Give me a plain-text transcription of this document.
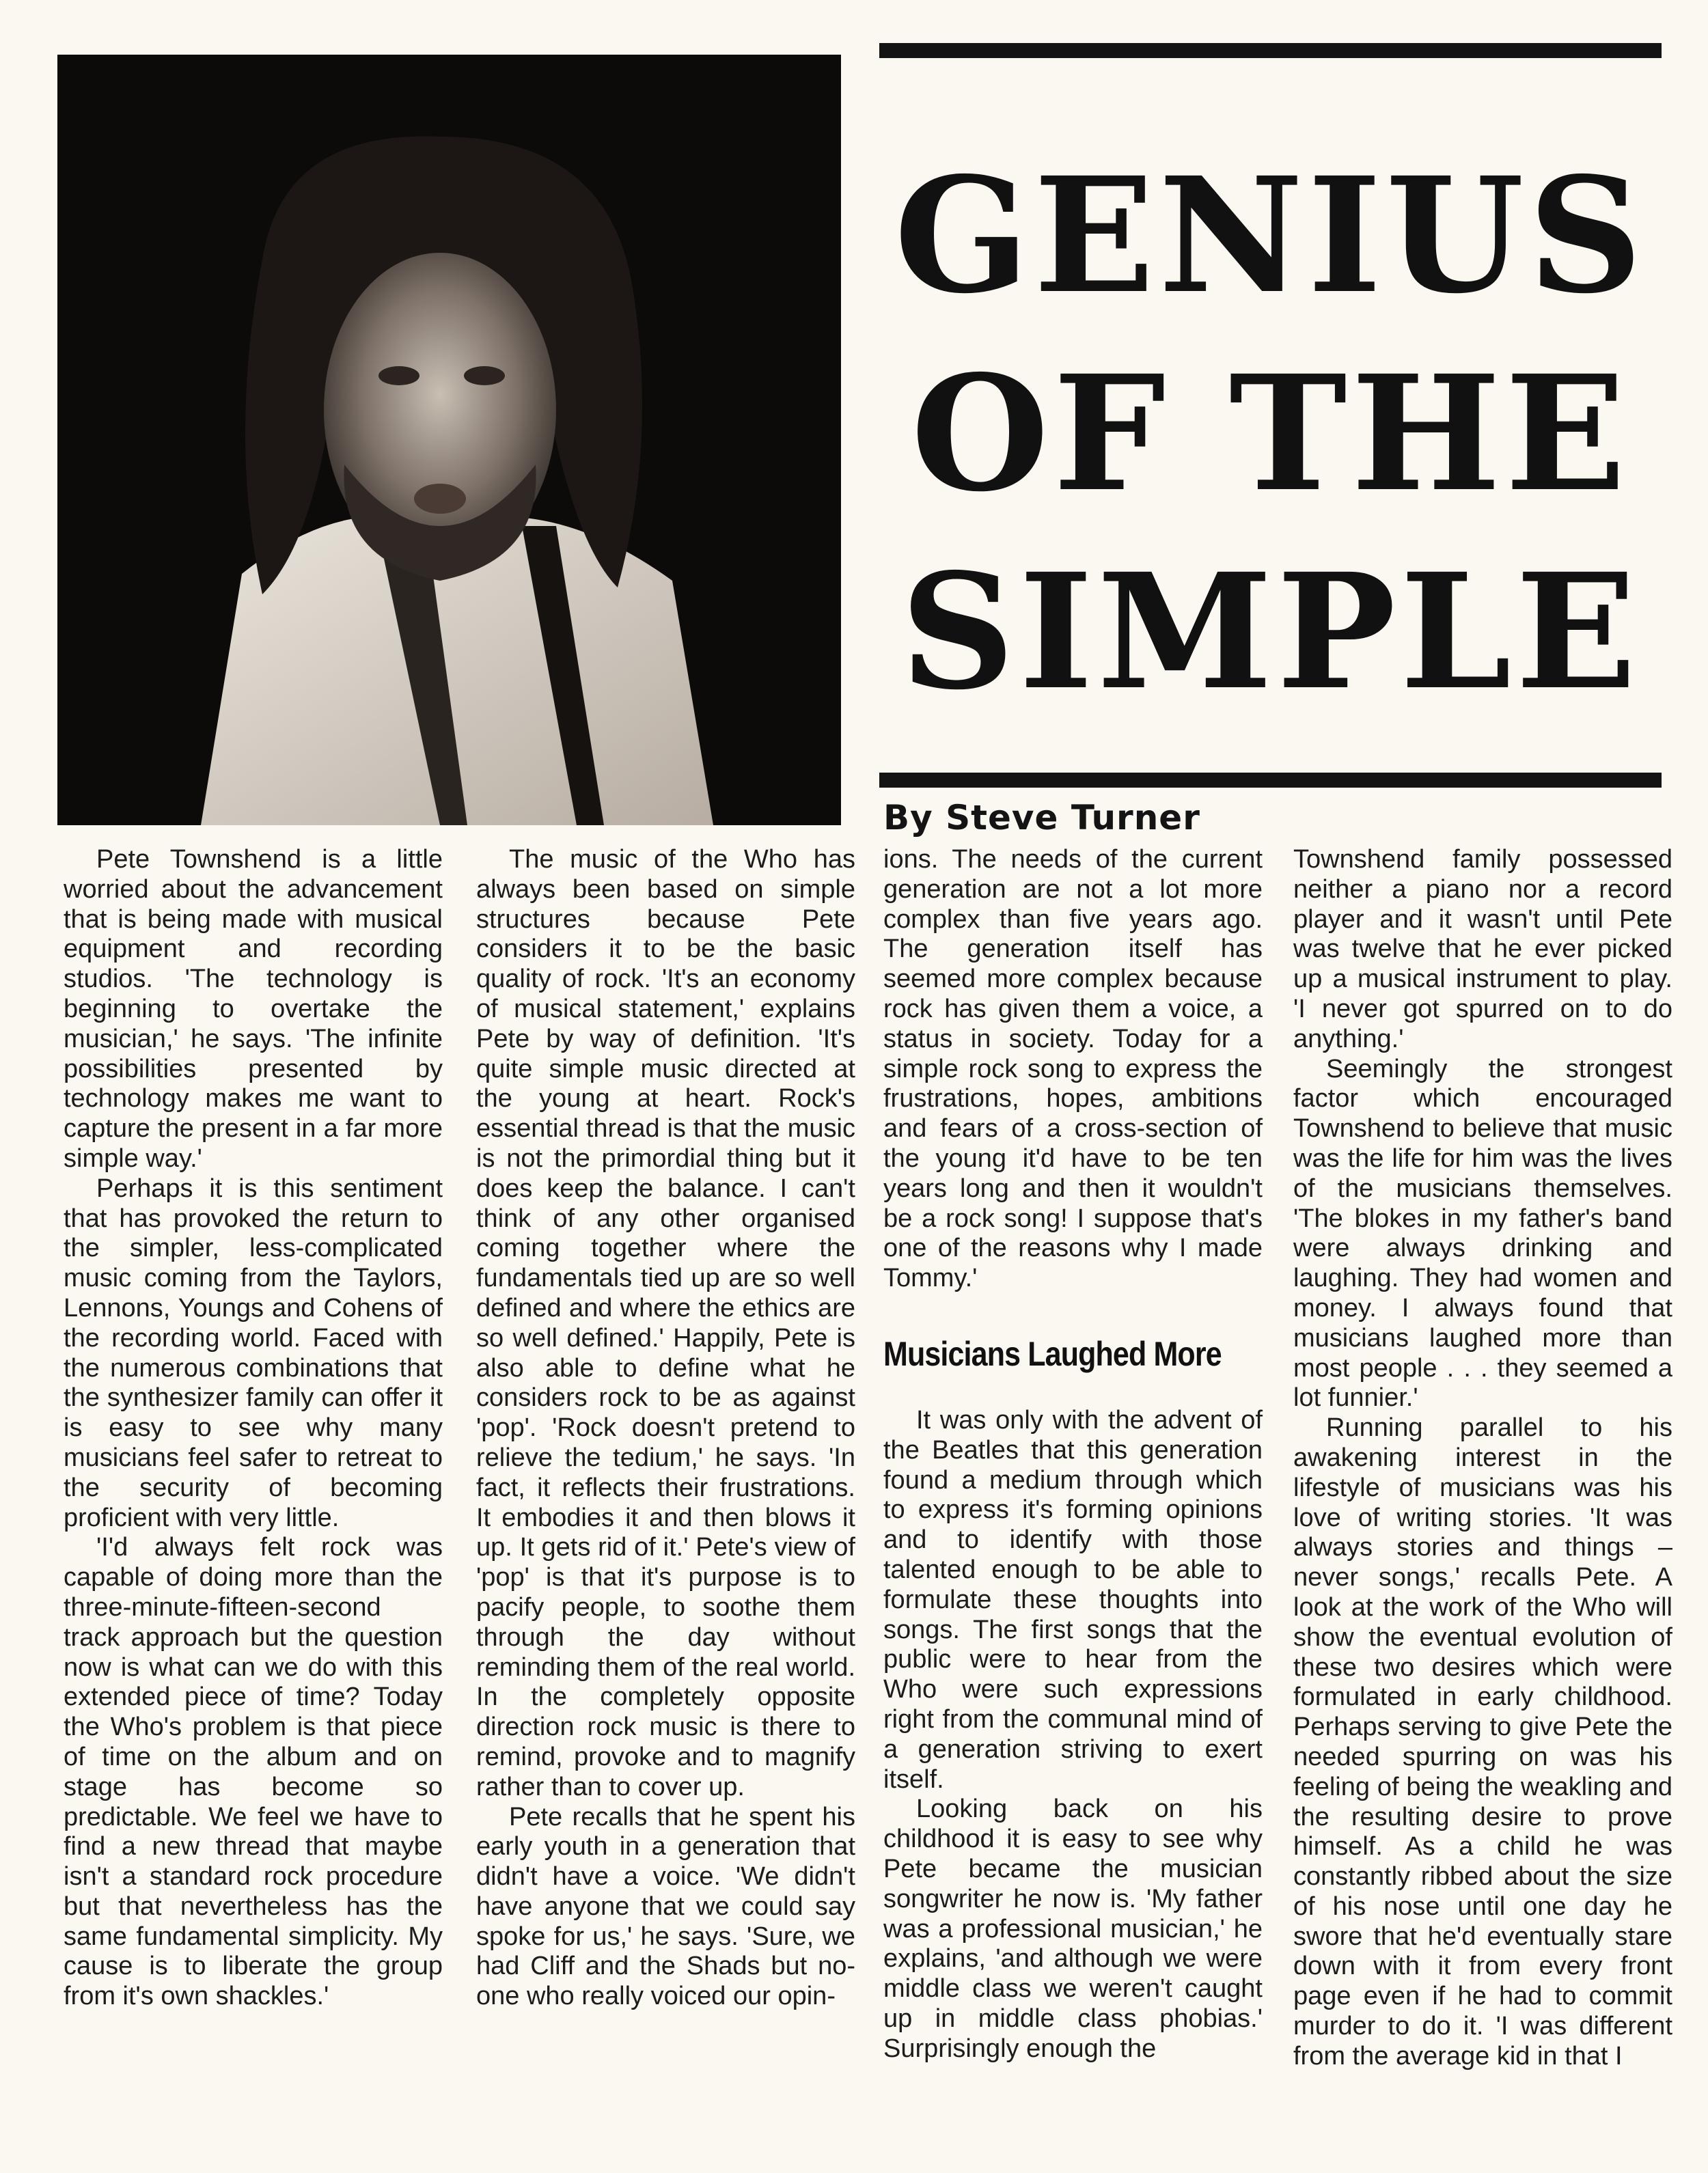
GENIUS
OF THE
SIMPLE
By Steve Turner

Pete Townshend is a little worried about the advancement that is being made with musical equipment and recording studios. 'The technology is beginning to overtake the musician,' he says. 'The infinite possibilities presented by technology makes me want to capture the present in a far more simple way.'

Perhaps it is this sentiment that has provoked the return to the simpler, less-complicated music coming from the Taylors, Lennons, Youngs and Cohens of the recording world. Faced with the numerous combinations that the synthesizer family can offer it is easy to see why many musicians feel safer to retreat to the security of becoming proficient with very little.

'I'd always felt rock was capable of doing more than the three-minute-fifteen-second track approach but the question now is what can we do with this extended piece of time? Today the Who's problem is that piece of time on the album and on stage has become so predictable. We feel we have to find a new thread that maybe isn't a standard rock procedure but that nevertheless has the same fundamental simplicity. My cause is to liberate the group from it's own shackles.'

The music of the Who has always been based on simple structures because Pete considers it to be the basic quality of rock. 'It's an economy of musical statement,' explains Pete by way of definition. 'It's quite simple music directed at the young at heart. Rock's essential thread is that the music is not the primordial thing but it does keep the balance. I can't think of any other organised coming together where the fundamentals tied up are so well defined and where the ethics are so well defined.' Happily, Pete is also able to define what he considers rock to be as against 'pop'. 'Rock doesn't pretend to relieve the tedium,' he says. 'In fact, it reflects their frustrations. It embodies it and then blows it up. It gets rid of it.' Pete's view of 'pop' is that it's purpose is to pacify people, to soothe them through the day without reminding them of the real world. In the completely opposite direction rock music is there to remind, provoke and to magnify rather than to cover up.

Pete recalls that he spent his early youth in a generation that didn't have a voice. 'We didn't have anyone that we could say spoke for us,' he says. 'Sure, we had Cliff and the Shads but no-one who really voiced our opin-

ions. The needs of the current generation are not a lot more complex than five years ago. The generation itself has seemed more complex because rock has given them a voice, a status in society. Today for a simple rock song to express the frustrations, hopes, ambitions and fears of a cross-section of the young it'd have to be ten years long and then it wouldn't be a rock song! I suppose that's one of the reasons why I made Tommy.'

Musicians Laughed More

It was only with the advent of the Beatles that this generation found a medium through which to express it's forming opinions and to identify with those talented enough to be able to formulate these thoughts into songs. The first songs that the public were to hear from the Who were such expressions right from the communal mind of a generation striving to exert itself.

Looking back on his childhood it is easy to see why Pete became the musician songwriter he now is. 'My father was a professional musician,' he explains, 'and although we were middle class we weren't caught up in middle class phobias.' Surprisingly enough the

Townshend family possessed neither a piano nor a record player and it wasn't until Pete was twelve that he ever picked up a musical instrument to play. 'I never got spurred on to do anything.'

Seemingly the strongest factor which encouraged Townshend to believe that music was the life for him was the lives of the musicians themselves. 'The blokes in my father's band were always drinking and laughing. They had women and money. I always found that musicians laughed more than most people . . . they seemed a lot funnier.'

Running parallel to his awakening interest in the lifestyle of musicians was his love of writing stories. 'It was always stories and things – never songs,' recalls Pete. A look at the work of the Who will show the eventual evolution of these two desires which were formulated in early childhood. Perhaps serving to give Pete the needed spurring on was his feeling of being the weakling and the resulting desire to prove himself. As a child he was constantly ribbed about the size of his nose until one day he swore that he'd eventually stare down with it from every front page even if he had to commit murder to do it. 'I was different from the average kid in that I
